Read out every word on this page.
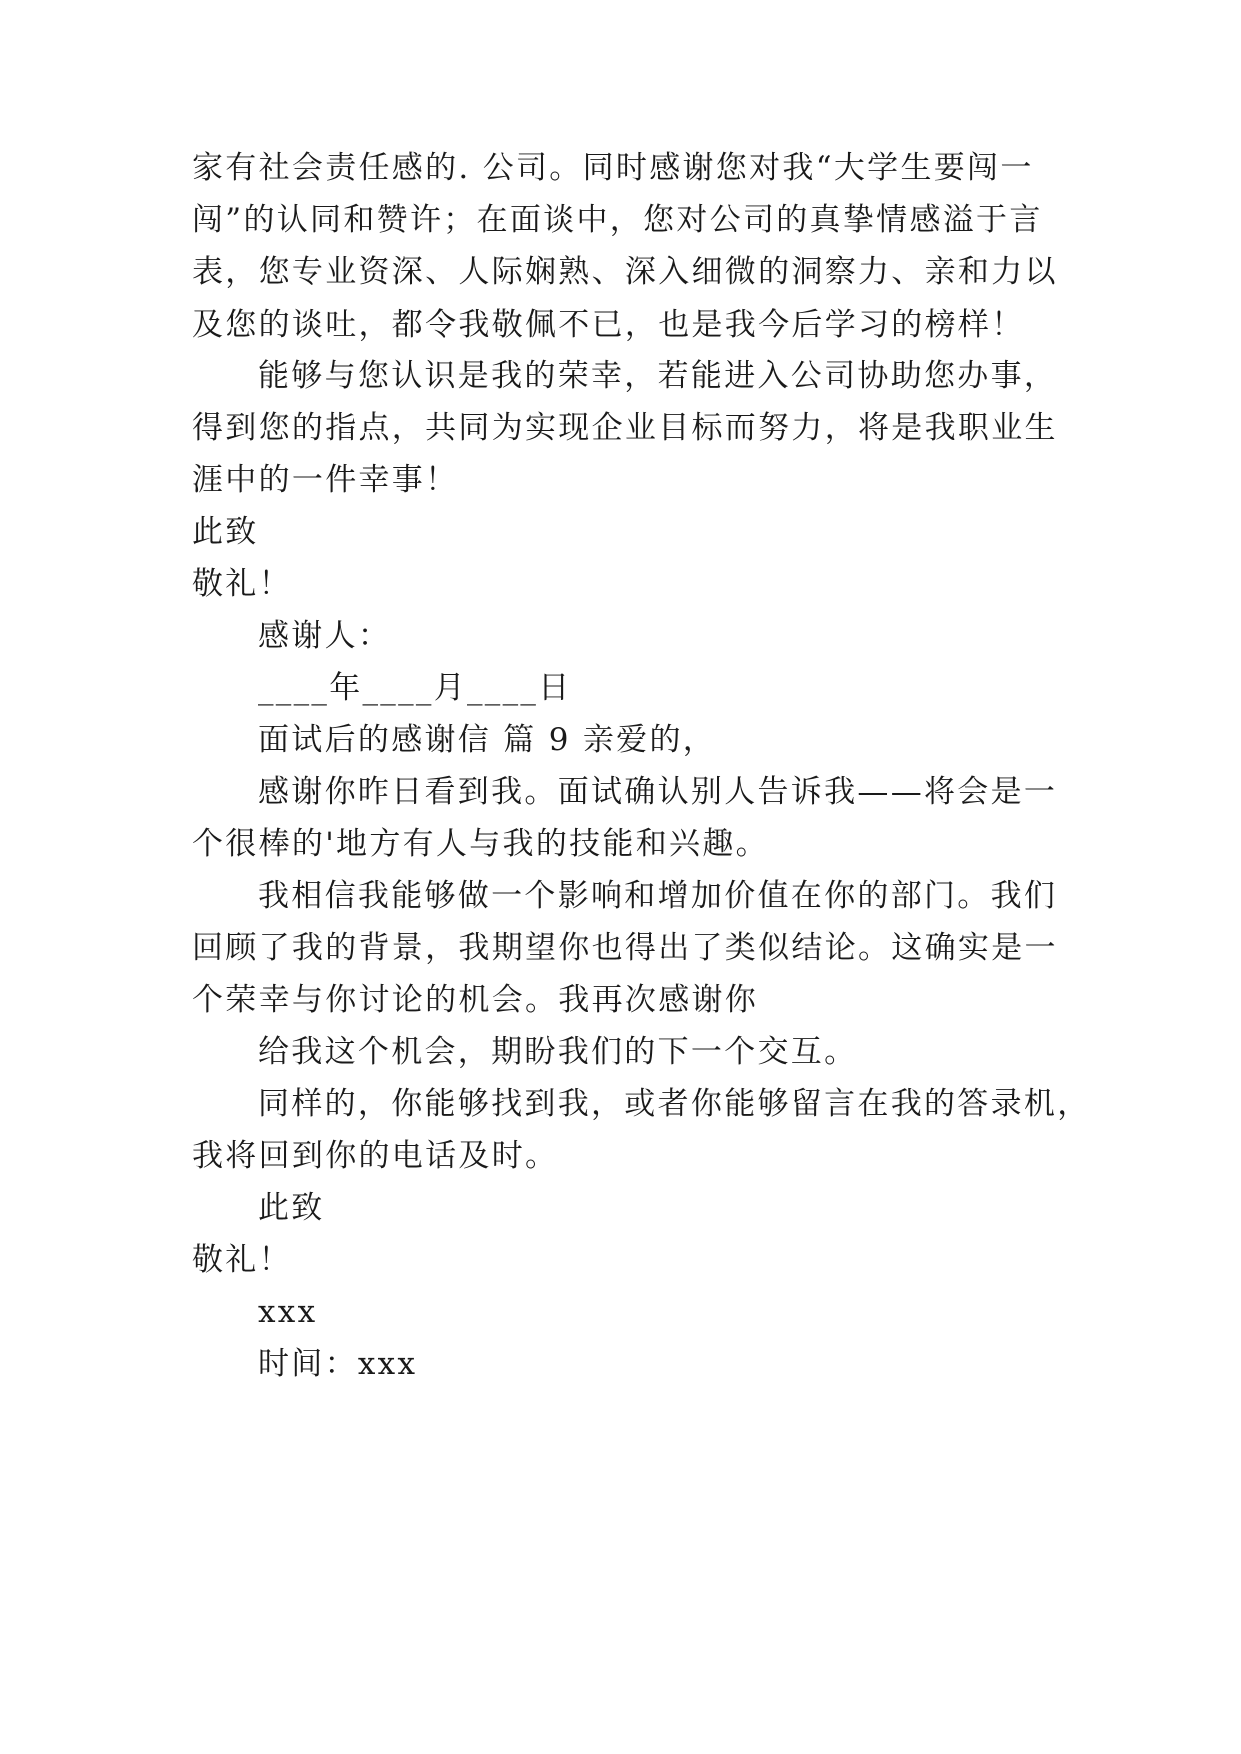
家有社会责任感的. 公司。同时感谢您对我“大学生要闯一
闯”的认同和赞许；在面谈中，您对公司的真挚情感溢于言
表，您专业资深、人际娴熟、深入细微的洞察力、亲和力以
及您的谈吐，都令我敬佩不已，也是我今后学习的榜样！
能够与您认识是我的荣幸，若能进入公司协助您办事，
得到您的指点，共同为实现企业目标而努力，将是我职业生
涯中的一件幸事！
此致
敬礼！
感谢人：
____年____月____日
面试后的感谢信 篇 9 亲爱的，
感谢你昨日看到我。面试确认别人告诉我——将会是一
个很棒的'地方有人与我的技能和兴趣。
我相信我能够做一个影响和增加价值在你的部门。我们
回顾了我的背景，我期望你也得出了类似结论。这确实是一
个荣幸与你讨论的机会。我再次感谢你
给我这个机会，期盼我们的下一个交互。
同样的，你能够找到我，或者你能够留言在我的答录机，
我将回到你的电话及时。
此致
敬礼！
xxx
时间：xxx
